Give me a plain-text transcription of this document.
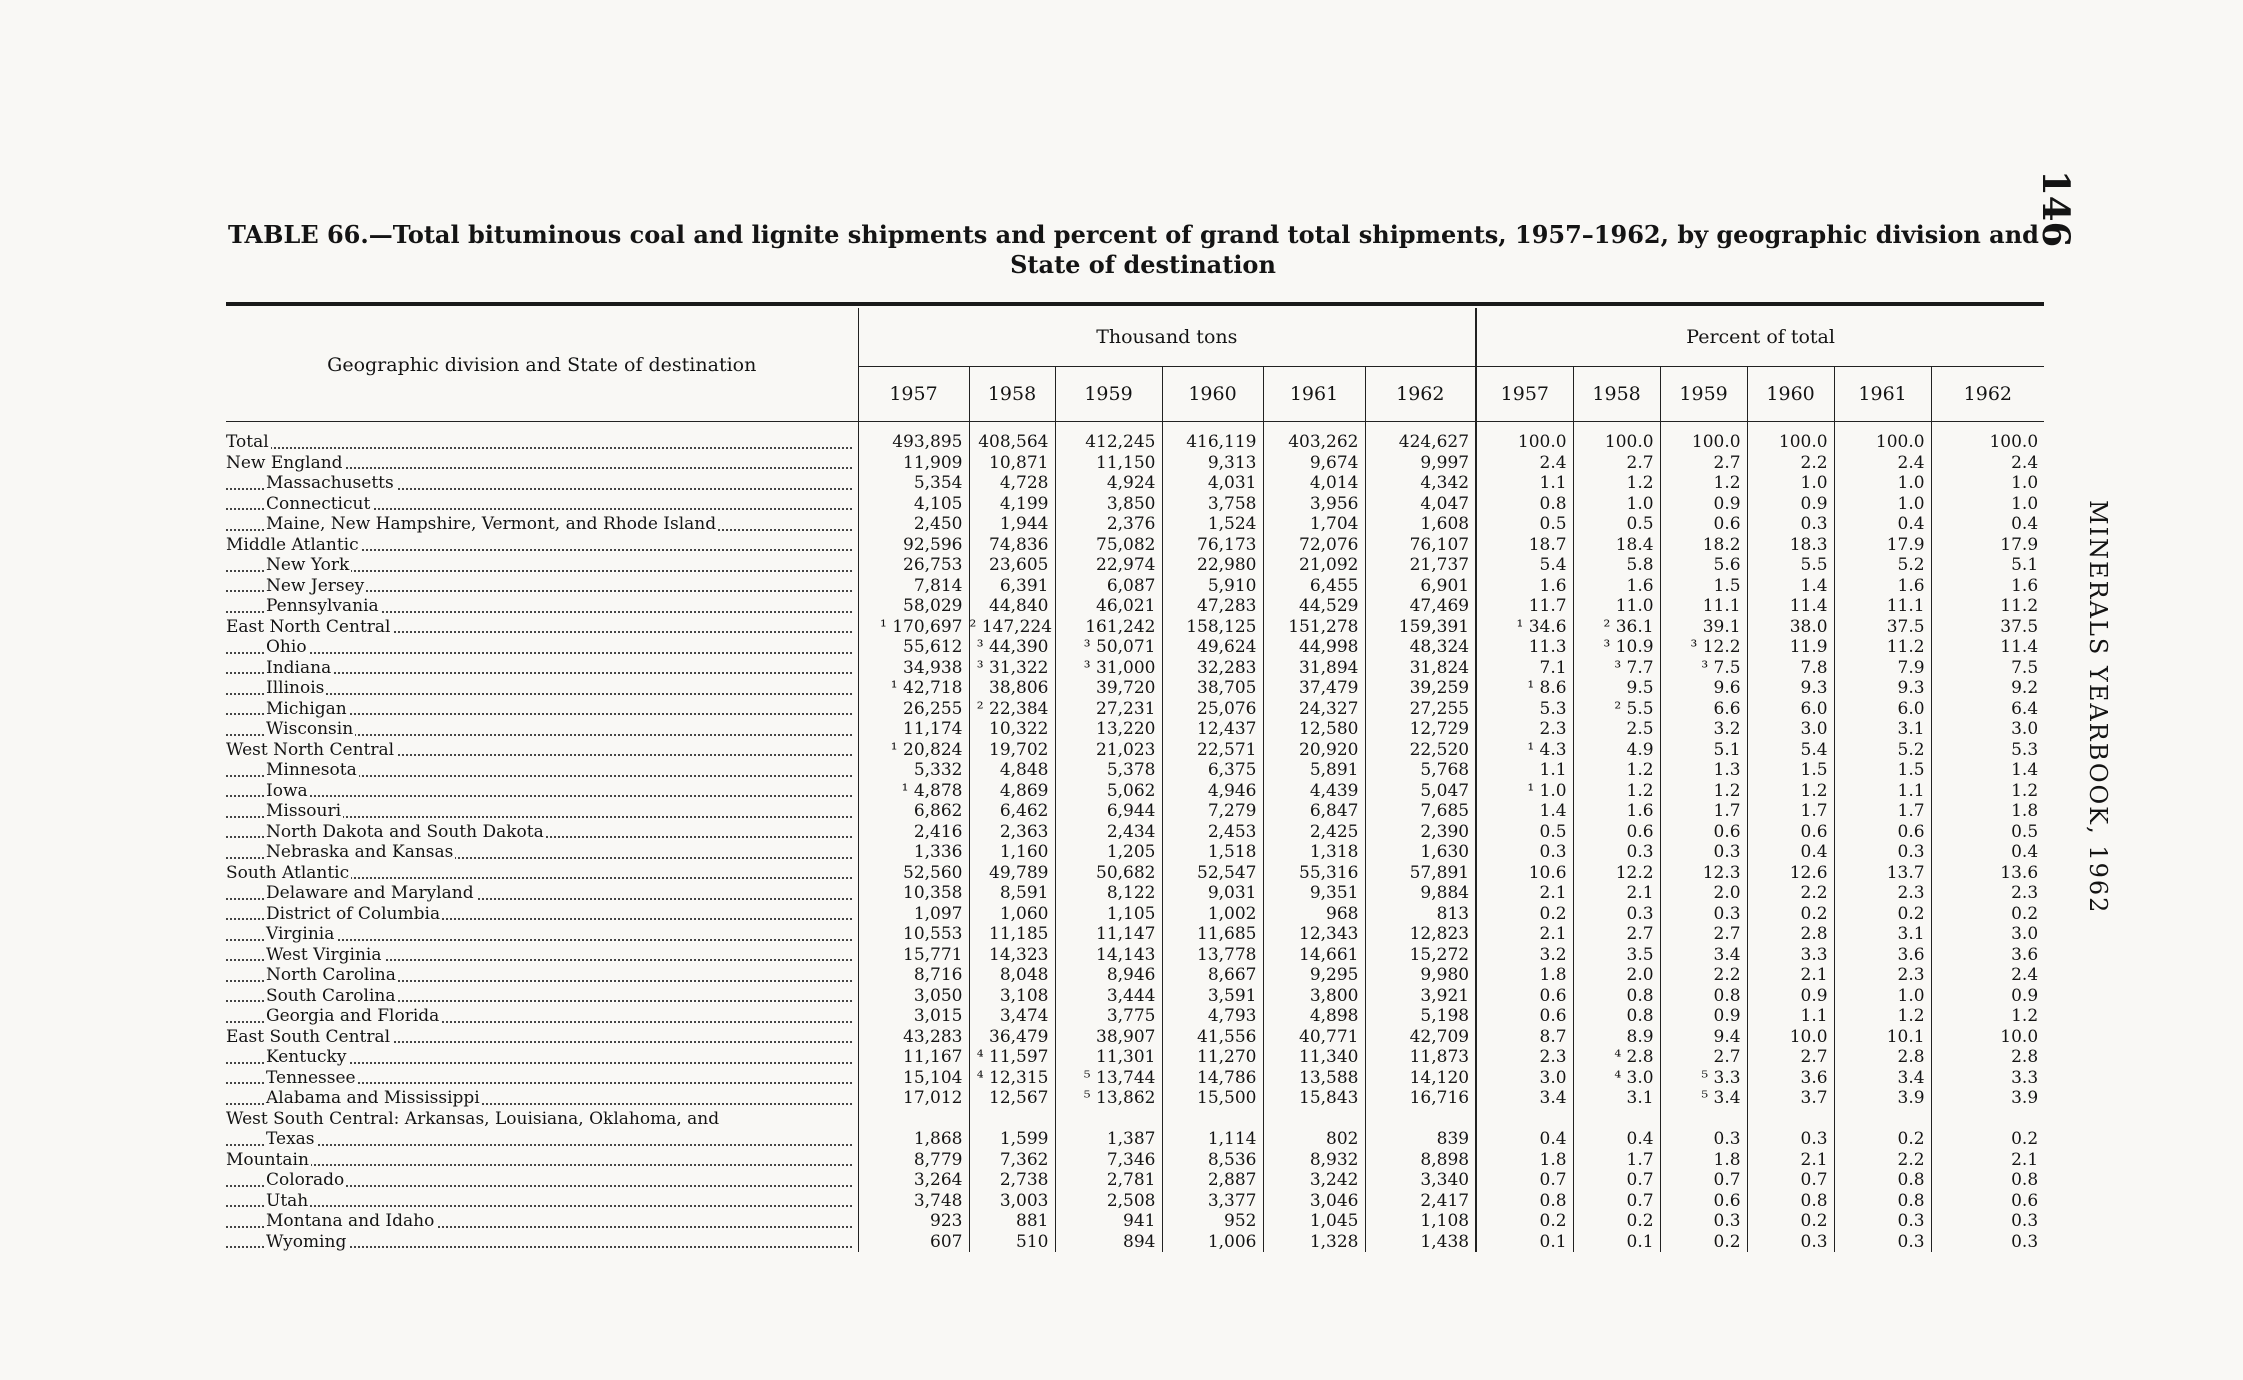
146
MINERALS YEARBOOK, 1962
TABLE 66.—Total bituminous coal and lignite shipments and percent of grand total shipments, 1957–1962, by geographic division and
State of destination
Geographic division and State of destination	Thousand tons						Percent of total					
	1957	1958	1959	1960	1961	1962	1957	1958	1959	1960	1961	1962
Total	493,895	408,564	412,245	416,119	403,262	424,627	100.0	100.0	100.0	100.0	100.0	100.0
New England	11,909	10,871	11,150	9,313	9,674	9,997	2.4	2.7	2.7	2.2	2.4	2.4
Massachusetts	5,354	4,728	4,924	4,031	4,014	4,342	1.1	1.2	1.2	1.0	1.0	1.0
Connecticut	4,105	4,199	3,850	3,758	3,956	4,047	0.8	1.0	0.9	0.9	1.0	1.0
Maine, New Hampshire, Vermont, and Rhode Island	2,450	1,944	2,376	1,524	1,704	1,608	0.5	0.5	0.6	0.3	0.4	0.4
Middle Atlantic	92,596	74,836	75,082	76,173	72,076	76,107	18.7	18.4	18.2	18.3	17.9	17.9
New York	26,753	23,605	22,974	22,980	21,092	21,737	5.4	5.8	5.6	5.5	5.2	5.1
New Jersey	7,814	6,391	6,087	5,910	6,455	6,901	1.6	1.6	1.5	1.4	1.6	1.6
Pennsylvania	58,029	44,840	46,021	47,283	44,529	47,469	11.7	11.0	11.1	11.4	11.1	11.2
East North Central	¹ 170,697	² 147,224	161,242	158,125	151,278	159,391	¹ 34.6	² 36.1	39.1	38.0	37.5	37.5
Ohio	55,612	³ 44,390	³ 50,071	49,624	44,998	48,324	11.3	³ 10.9	³ 12.2	11.9	11.2	11.4
Indiana	34,938	³ 31,322	³ 31,000	32,283	31,894	31,824	7.1	³ 7.7	³ 7.5	7.8	7.9	7.5
Illinois	¹ 42,718	38,806	39,720	38,705	37,479	39,259	¹ 8.6	9.5	9.6	9.3	9.3	9.2
Michigan	26,255	² 22,384	27,231	25,076	24,327	27,255	5.3	² 5.5	6.6	6.0	6.0	6.4
Wisconsin	11,174	10,322	13,220	12,437	12,580	12,729	2.3	2.5	3.2	3.0	3.1	3.0
West North Central	¹ 20,824	19,702	21,023	22,571	20,920	22,520	¹ 4.3	4.9	5.1	5.4	5.2	5.3
Minnesota	5,332	4,848	5,378	6,375	5,891	5,768	1.1	1.2	1.3	1.5	1.5	1.4
Iowa	¹ 4,878	4,869	5,062	4,946	4,439	5,047	¹ 1.0	1.2	1.2	1.2	1.1	1.2
Missouri	6,862	6,462	6,944	7,279	6,847	7,685	1.4	1.6	1.7	1.7	1.7	1.8
North Dakota and South Dakota	2,416	2,363	2,434	2,453	2,425	2,390	0.5	0.6	0.6	0.6	0.6	0.5
Nebraska and Kansas	1,336	1,160	1,205	1,518	1,318	1,630	0.3	0.3	0.3	0.4	0.3	0.4
South Atlantic	52,560	49,789	50,682	52,547	55,316	57,891	10.6	12.2	12.3	12.6	13.7	13.6
Delaware and Maryland	10,358	8,591	8,122	9,031	9,351	9,884	2.1	2.1	2.0	2.2	2.3	2.3
District of Columbia	1,097	1,060	1,105	1,002	968	813	0.2	0.3	0.3	0.2	0.2	0.2
Virginia	10,553	11,185	11,147	11,685	12,343	12,823	2.1	2.7	2.7	2.8	3.1	3.0
West Virginia	15,771	14,323	14,143	13,778	14,661	15,272	3.2	3.5	3.4	3.3	3.6	3.6
North Carolina	8,716	8,048	8,946	8,667	9,295	9,980	1.8	2.0	2.2	2.1	2.3	2.4
South Carolina	3,050	3,108	3,444	3,591	3,800	3,921	0.6	0.8	0.8	0.9	1.0	0.9
Georgia and Florida	3,015	3,474	3,775	4,793	4,898	5,198	0.6	0.8	0.9	1.1	1.2	1.2
East South Central	43,283	36,479	38,907	41,556	40,771	42,709	8.7	8.9	9.4	10.0	10.1	10.0
Kentucky	11,167	⁴ 11,597	11,301	11,270	11,340	11,873	2.3	⁴ 2.8	2.7	2.7	2.8	2.8
Tennessee	15,104	⁴ 12,315	⁵ 13,744	14,786	13,588	14,120	3.0	⁴ 3.0	⁵ 3.3	3.6	3.4	3.3
Alabama and Mississippi	17,012	12,567	⁵ 13,862	15,500	15,843	16,716	3.4	3.1	⁵ 3.4	3.7	3.9	3.9
West South Central: Arkansas, Louisiana, Oklahoma, and												
Texas	1,868	1,599	1,387	1,114	802	839	0.4	0.4	0.3	0.3	0.2	0.2
Mountain	8,779	7,362	7,346	8,536	8,932	8,898	1.8	1.7	1.8	2.1	2.2	2.1
Colorado	3,264	2,738	2,781	2,887	3,242	3,340	0.7	0.7	0.7	0.7	0.8	0.8
Utah	3,748	3,003	2,508	3,377	3,046	2,417	0.8	0.7	0.6	0.8	0.8	0.6
Montana and Idaho	923	881	941	952	1,045	1,108	0.2	0.2	0.3	0.2	0.3	0.3
Wyoming	607	510	894	1,006	1,328	1,438	0.1	0.1	0.2	0.3	0.3	0.3
